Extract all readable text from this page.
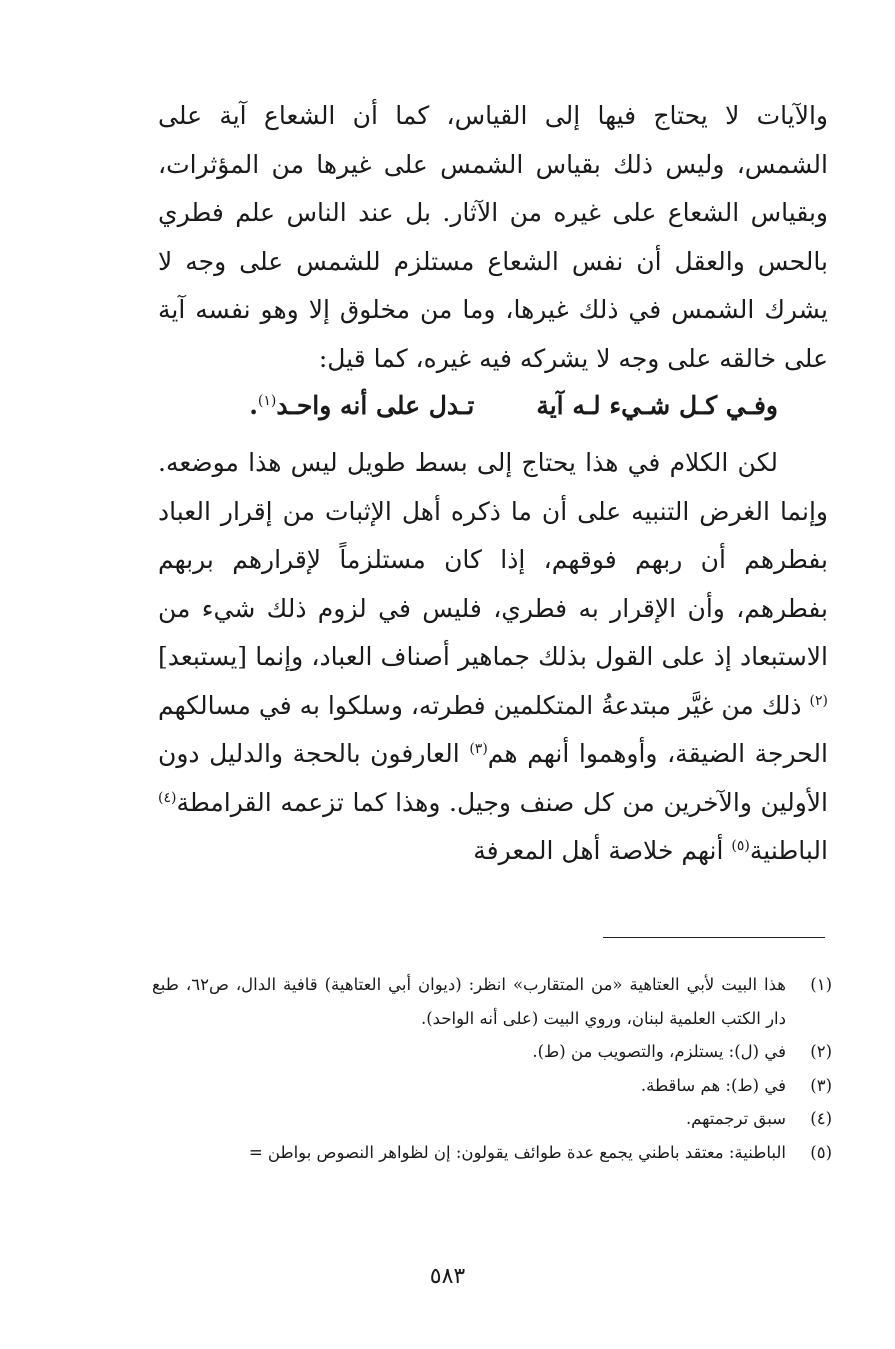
والآيات لا يحتاج فيها إلى القياس، كما أن الشعاع آية على الشمس، وليس ذلك بقياس الشمس على غيرها من المؤثرات، وبقياس الشعاع على غيره من الآثار. بل عند الناس علم فطري بالحس والعقل أن نفس الشعاع مستلزم للشمس على وجه لا يشرك الشمس في ذلك غيرها، وما من مخلوق إلا وهو نفسه آية على خالقه على وجه لا يشركه فيه غيره، كما قيل:

وفـي كـل شـيء لـه آية
تـدل على أنه واحـد$^{(١)}$.

لكن الكلام في هذا يحتاج إلى بسط طويل ليس هذا موضعه. وإنما الغرض التنبيه على أن ما ذكره أهل الإثبات من إقرار العباد بفطرهم أن ربهم فوقهم، إذا كان مستلزماً لإقرارهم بربهم بفطرهم، وأن الإقرار به فطري، فليس في لزوم ذلك شيء من الاستبعاد إذ على القول بذلك جماهير أصناف العباد، وإنما [يستبعد]$^{(٢)}$ ذلك من غيَّر مبتدعةُ المتكلمين فطرته، وسلكوا به في مسالكهم الحرجة الضيقة، وأوهموا أنهم هم$^{(٣)}$ العارفون بالحجة والدليل دون الأولين والآخرين من كل صنف وجيل. وهذا كما تزعمه القرامطة$^{(٤)}$ الباطنية$^{(٥)}$ أنهم خلاصة أهل المعرفة

(١)
هذا البيت لأبي العتاهية «من المتقارب» انظر: (ديوان أبي العتاهية) قافية الدال، ص٦٢، طبع دار الكتب العلمية لبنان، وروي البيت (على أنه الواحد).
(٢)
في (ل): يستلزم، والتصويب من (ط).
(٣)
في (ط): هم ساقطة.
(٤)
سبق ترجمتهم.
(٥)
الباطنية: معتقد باطني يجمع عدة طوائف يقولون: إن لظواهر النصوص بواطن =
٥٨٣
